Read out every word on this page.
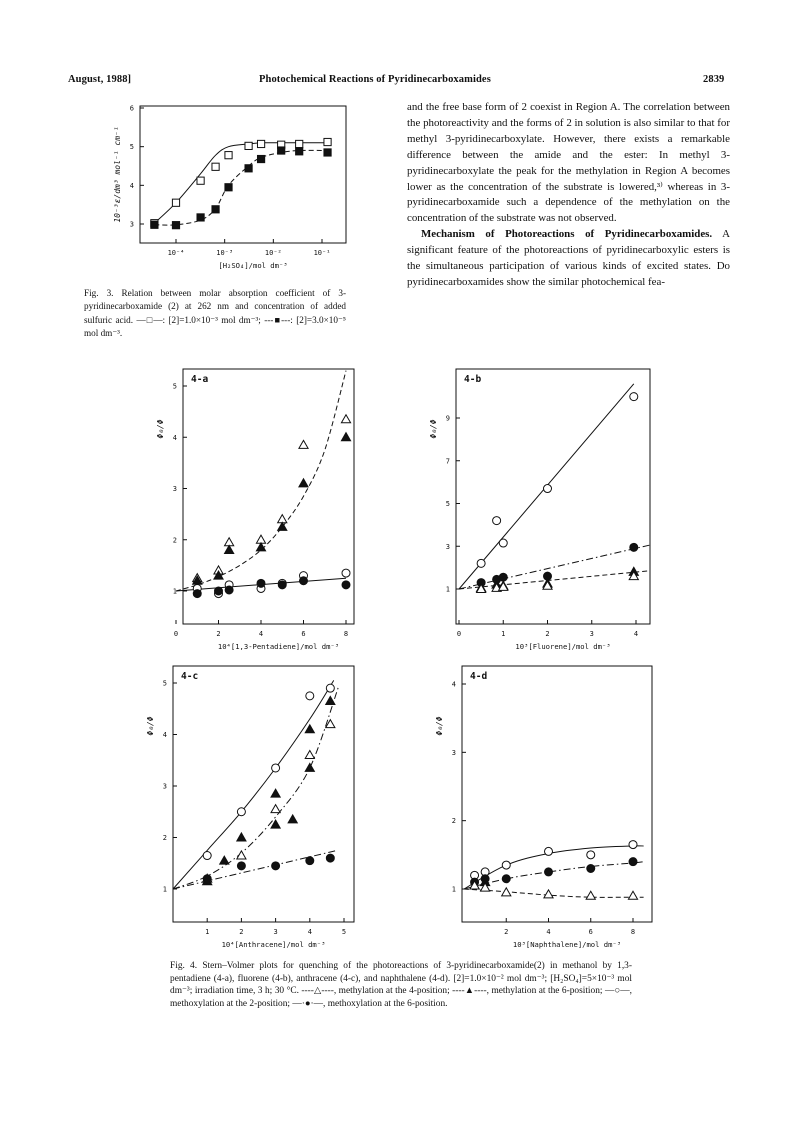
August, 1988]	Photochemical Reactions of Pyridinecarboxamides	2839
10⁻⁴	10⁻³	10⁻²	10⁻¹
3
4
5
6
[H₂SO₄]/mol dm⁻³
10⁻³ε/dm³ mol⁻¹ cm⁻¹

Fig. 3. Relation between molar absorption coefficient of 3-pyridinecarboxamide (2) at 262 nm and concentration of added sulfuric acid. —□—: [2]=1.0×10⁻³ mol dm⁻³; ---■---: [2]=3.0×10⁻⁵ mol dm⁻³.

and the free base form of 2 coexist in Region A. The correlation between the photoreactivity and the forms of 2 in solution is also similar to that for methyl 3-pyridinecarboxylate. However, there exists a remarkable difference between the amide and the ester: In methyl 3-pyridinecarboxylate the peak for the methylation in Region A becomes lower as the concentration of the substrate is lowered,³⁾ whereas in 3-pyridinecarboxamide such a dependence of the methylation on the concentration of the substrate was not observed.

Mechanism of Photoreactions of Pyridinecarboxamides. A significant feature of the photoreactions of pyridinecarboxylic esters is the simultaneous participation of various kinds of excited states. Do pyridinecarboxamides show the similar photochemical fea-

0	2	4	6	8
1
2
3
4
5
10⁴[1,3-Pentadiene]/mol dm⁻³
Φ₀/Φ
4-a
0	1	2	3	4
1
3
5
7
9
10³[Fluorene]/mol dm⁻³
Φ₀/Φ
4-b
1	2	3	4	5
1
2
3
4
5
10⁴[Anthracene]/mol dm⁻³
Φ₀/Φ
4-c
2	4	6	8
1
2
3
4
10³[Naphthalene]/mol dm⁻³
Φ₀/Φ
4-d

Fig. 4. Stern–Volmer plots for quenching of the photoreactions of 3-pyridinecarboxamide(2) in methanol by 1,3-pentadiene (4-a), fluorene (4-b), anthracene (4-c), and naphthalene (4-d). [2]=1.0×10⁻² mol dm⁻³; [H₂SO₄]=5×10⁻³ mol dm⁻³; irradiation time, 3 h; 30 °C. ----△----, methylation at the 4-position; ----▲----, methylation at the 6-position; —○—, methoxylation at the 2-position; —·●·—, methoxylation at the 6-position.
